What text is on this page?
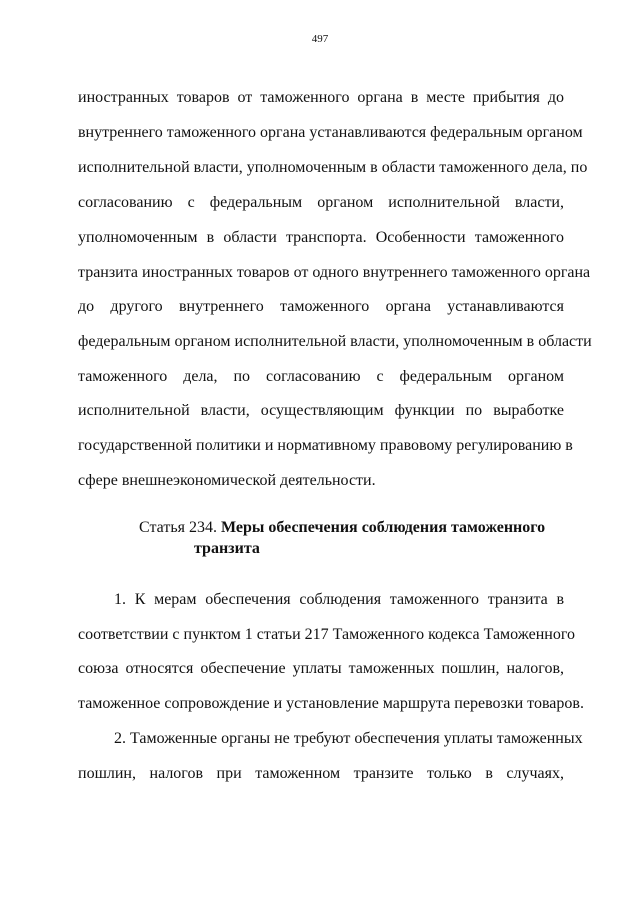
497
иностранных товаров от таможенного органа в месте прибытия до
внутреннего таможенного органа устанавливаются федеральным органом
исполнительной власти, уполномоченным в области таможенного дела, по
согласованию с федеральным органом исполнительной власти,
уполномоченным в области транспорта. Особенности таможенного
транзита иностранных товаров от одного внутреннего таможенного органа
до другого внутреннего таможенного органа устанавливаются
федеральным органом исполнительной власти, уполномоченным в области
таможенного дела, по согласованию с федеральным органом
исполнительной власти, осуществляющим функции по выработке
государственной политики и нормативному правовому регулированию в
сфере внешнеэкономической деятельности.
Статья 234. Меры обеспечения соблюдения таможенного
транзита
1. К мерам обеспечения соблюдения таможенного транзита в
соответствии с пунктом 1 статьи 217 Таможенного кодекса Таможенного
союза относятся обеспечение уплаты таможенных пошлин, налогов,
таможенное сопровождение и установление маршрута перевозки товаров.
2. Таможенные органы не требуют обеспечения уплаты таможенных
пошлин, налогов при таможенном транзите только в случаях,
